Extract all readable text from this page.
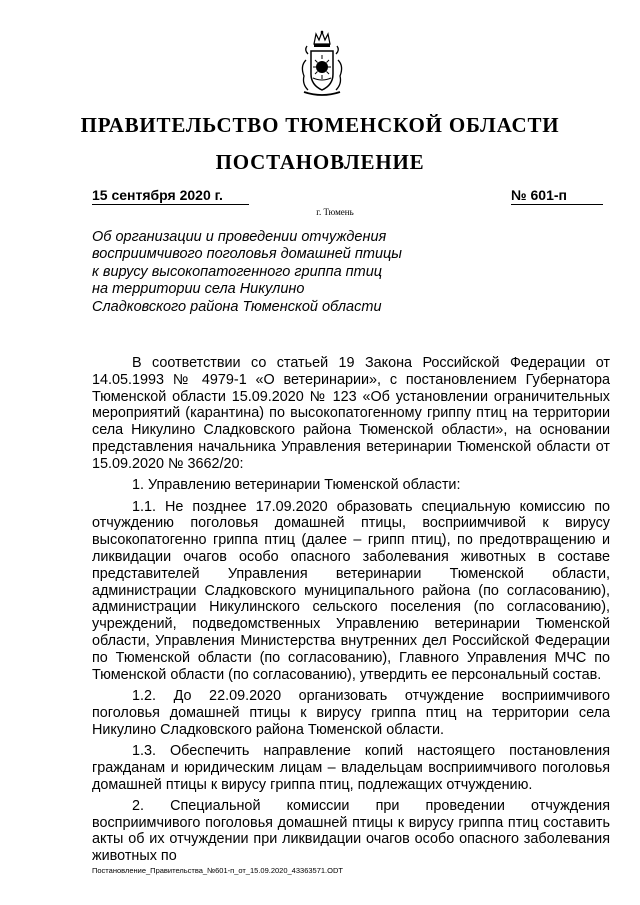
ПРАВИТЕЛЬСТВО ТЮМЕНСКОЙ ОБЛАСТИ
ПОСТАНОВЛЕНИЕ
15 сентября 2020 г.	№ 601-п
г. Тюмень
Об организации и проведении отчуждения восприимчивого поголовья домашней птицы к вирусу высокопатогенного гриппа птиц на территории села Никулино Сладковского района Тюменской области

В соответствии со статьей 19 Закона Российской Федерации от 14.05.1993 № 4979-1 «О ветеринарии», с постановлением Губернатора Тюменской области 15.09.2020 № 123 «Об установлении ограничительных мероприятий (карантина) по высокопатогенному гриппу птиц на территории села Никулино Сладковского района Тюменской области», на основании представления начальника Управления ветеринарии Тюменской области от 15.09.2020 № 3662/20:

1. Управлению ветеринарии Тюменской области:

1.1. Не позднее 17.09.2020 образовать специальную комиссию по отчуждению поголовья домашней птицы, восприимчивой к вирусу высокопатогенно гриппа птиц (далее – грипп птиц), по предотвращению и ликвидации очагов особо опасного заболевания животных в составе представителей Управления ветеринарии Тюменской области, администрации Сладковского муниципального района (по согласованию), администрации Никулинского сельского поселения (по согласованию), учреждений, подведомственных Управлению ветеринарии Тюменской области, Управления Министерства внутренних дел Российской Федерации по Тюменской области (по согласованию), Главного Управления МЧС по Тюменской области (по согласованию), утвердить ее персональный состав.

1.2. До 22.09.2020 организовать отчуждение восприимчивого поголовья домашней птицы к вирусу гриппа птиц на территории села Никулино Сладковского района Тюменской области.

1.3. Обеспечить направление копий настоящего постановления гражданам и юридическим лицам – владельцам восприимчивого поголовья домашней птицы к вирусу гриппа птиц, подлежащих отчуждению.

2. Специальной комиссии при проведении отчуждения восприимчивого поголовья домашней птицы к вирусу гриппа птиц составить акты об их отчуждении при ликвидации очагов особо опасного заболевания животных по

Постановление_Правительства_№601-п_от_15.09.2020_43363571.ODT
